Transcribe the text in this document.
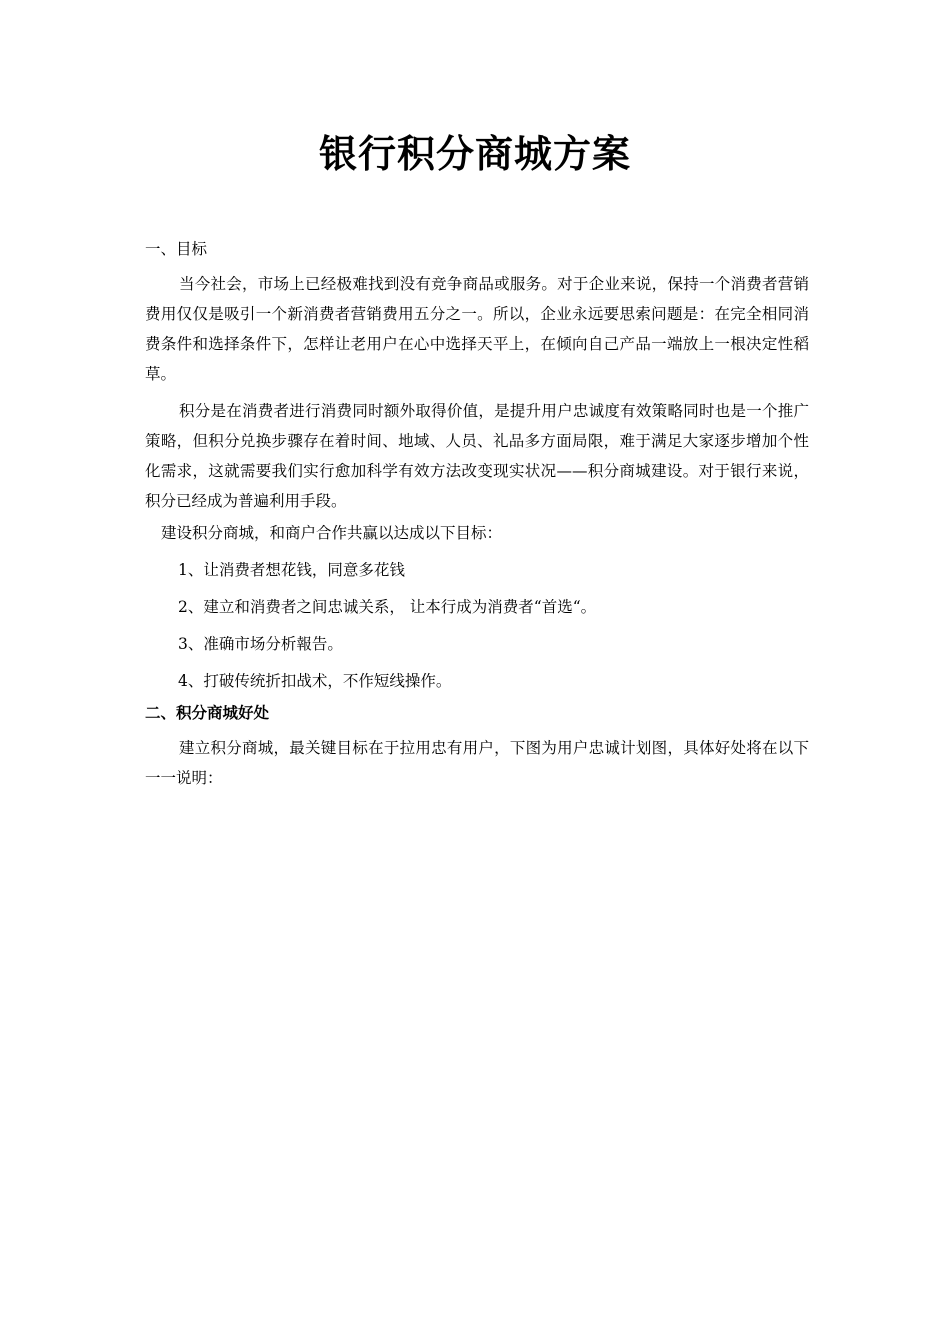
银行积分商城方案

一、目标

当今社会，市场上已经极难找到没有竞争商品或服务。对于企业来说，保持一个消费者营销费用仅仅是吸引一个新消费者营销费用五分之一。所以，企业永远要思索问题是：在完全相同消费条件和选择条件下，怎样让老用户在心中选择天平上，在倾向自己产品一端放上一根决定性稻草。

积分是在消费者进行消费同时额外取得价值，是提升用户忠诚度有效策略同时也是一个推广策略，但积分兑换步骤存在着时间、地域、人员、礼品多方面局限，难于满足大家逐步增加个性化需求，这就需要我们实行愈加科学有效方法改变现实状况——积分商城建设。对于银行来说，积分已经成为普遍利用手段。

建设积分商城，和商户合作共赢以达成以下目标：

1、让消费者想花钱，同意多花钱

2、建立和消费者之间忠诚关系， 让本行成为消费者“首选“。

3、准确市场分析報告。

4、打破传统折扣战术，不作短线操作。

二、积分商城好处

建立积分商城，最关键目标在于拉用忠有用户，下图为用户忠诚计划图，具体好处将在以下一一说明：
